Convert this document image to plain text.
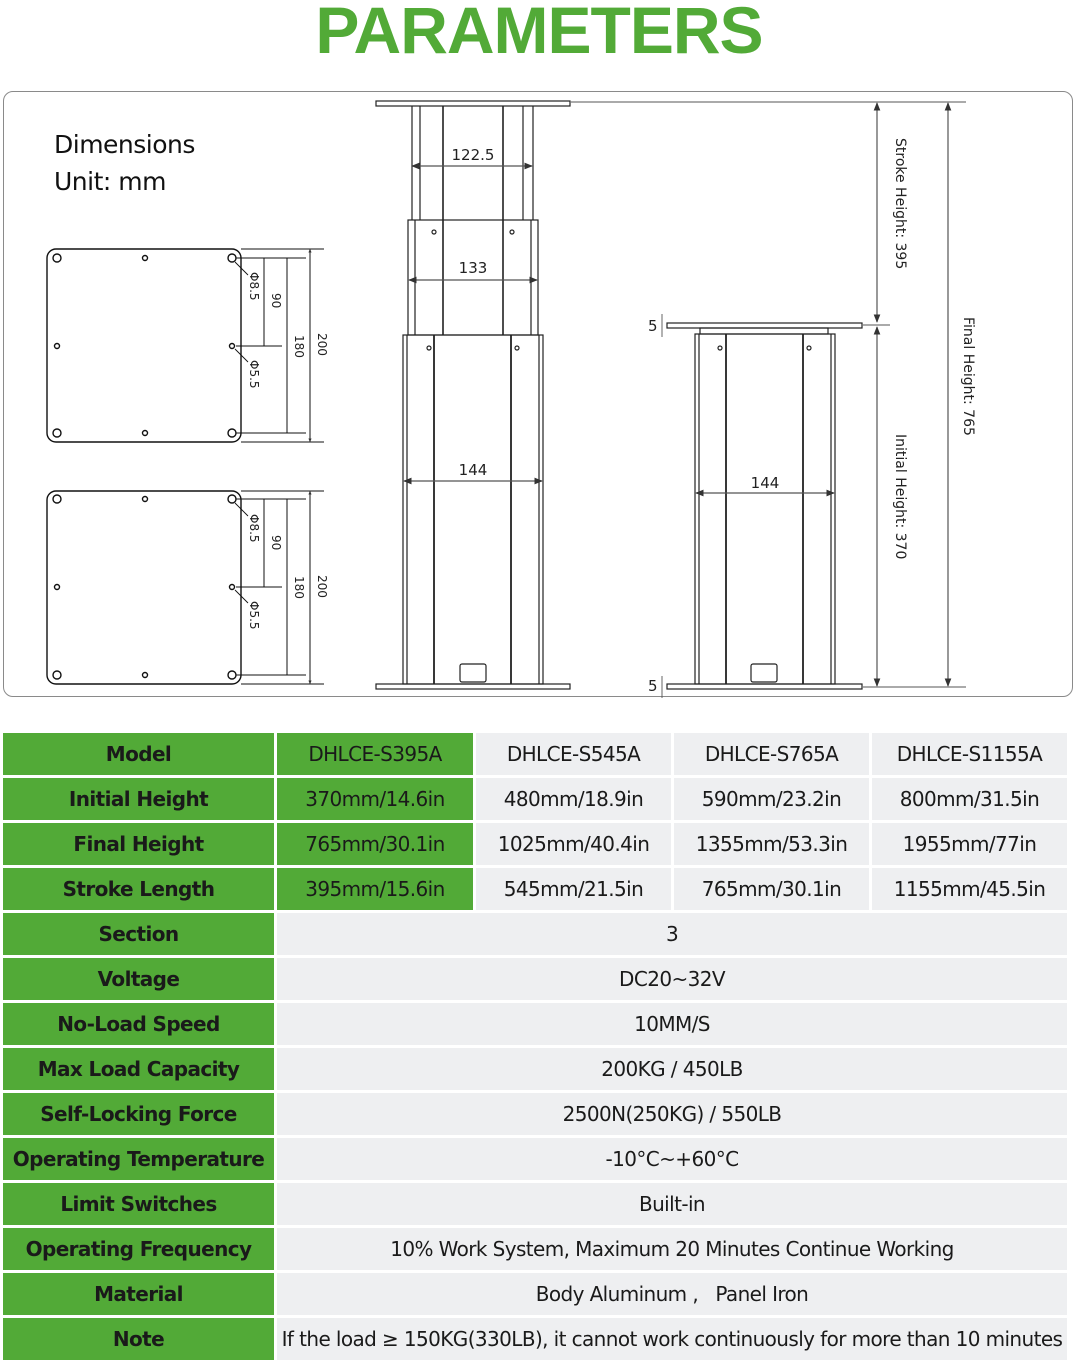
PARAMETERS
Dimensions
Unit: mm
Φ8.5
90
Φ5.5
180 200
Φ8.5
90
Φ5.5
180 200
122.5
133
144
144
5
5
Stroke Height: 395
Initial Height: 370
Final Height: 765
Model	DHLCE-S395A	DHLCE-S545A	DHLCE-S765A	DHLCE-S1155A
Initial Height	370mm/14.6in	480mm/18.9in	590mm/23.2in	800mm/31.5in
Final Height	765mm/30.1in	1025mm/40.4in	1355mm/53.3in	1955mm/77in
Stroke Length	395mm/15.6in	545mm/21.5in	765mm/30.1in	1155mm/45.5in
Section	3			
Voltage	DC20~32V			
No-Load Speed	10MM/S			
Max Load Capacity	200KG / 450LB			
Self-Locking Force	2500N(250KG) / 550LB			
Operating Temperature	-10°C~+60°C			
Limit Switches	Built-in			
Operating Frequency	10% Work System, Maximum 20 Minutes Continue Working			
Material	Body Aluminum ,   Panel Iron			
Note	If the load ≥ 150KG(330LB), it cannot work continuously for more than 10 minutes			
